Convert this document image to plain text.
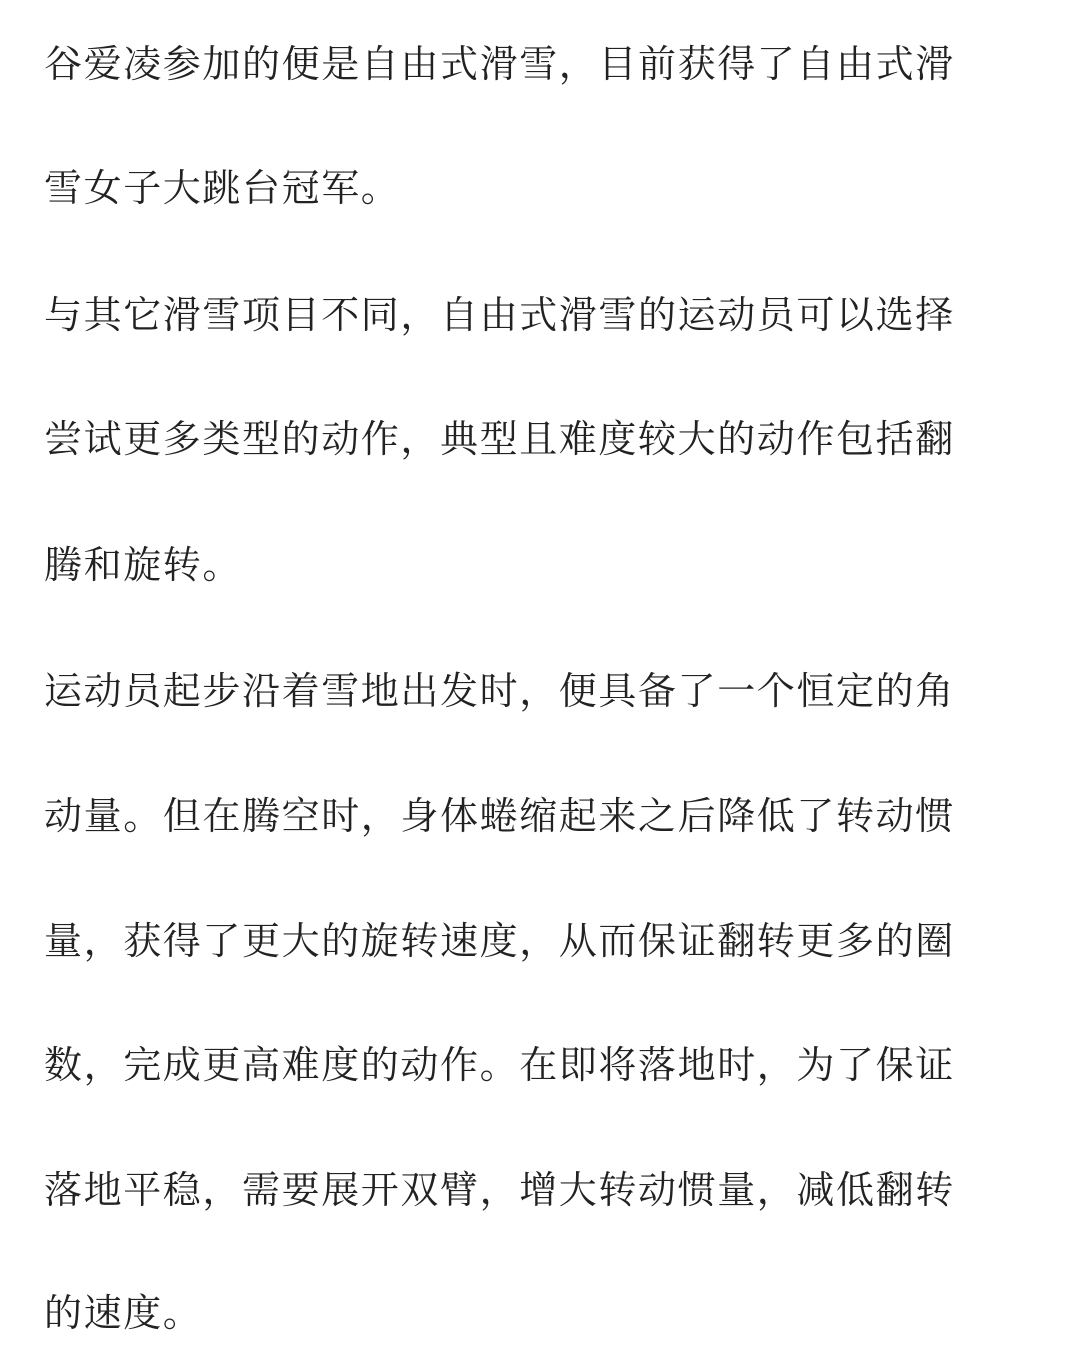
谷爱凌参加的便是自由式滑雪，目前获得了自由式滑
雪女子大跳台冠军。
与其它滑雪项目不同，自由式滑雪的运动员可以选择
尝试更多类型的动作，典型且难度较大的动作包括翻
腾和旋转。
运动员起步沿着雪地出发时，便具备了一个恒定的角
动量。但在腾空时，身体蜷缩起来之后降低了转动惯
量，获得了更大的旋转速度，从而保证翻转更多的圈
数，完成更高难度的动作。在即将落地时，为了保证
落地平稳，需要展开双臂，增大转动惯量，减低翻转
的速度。
